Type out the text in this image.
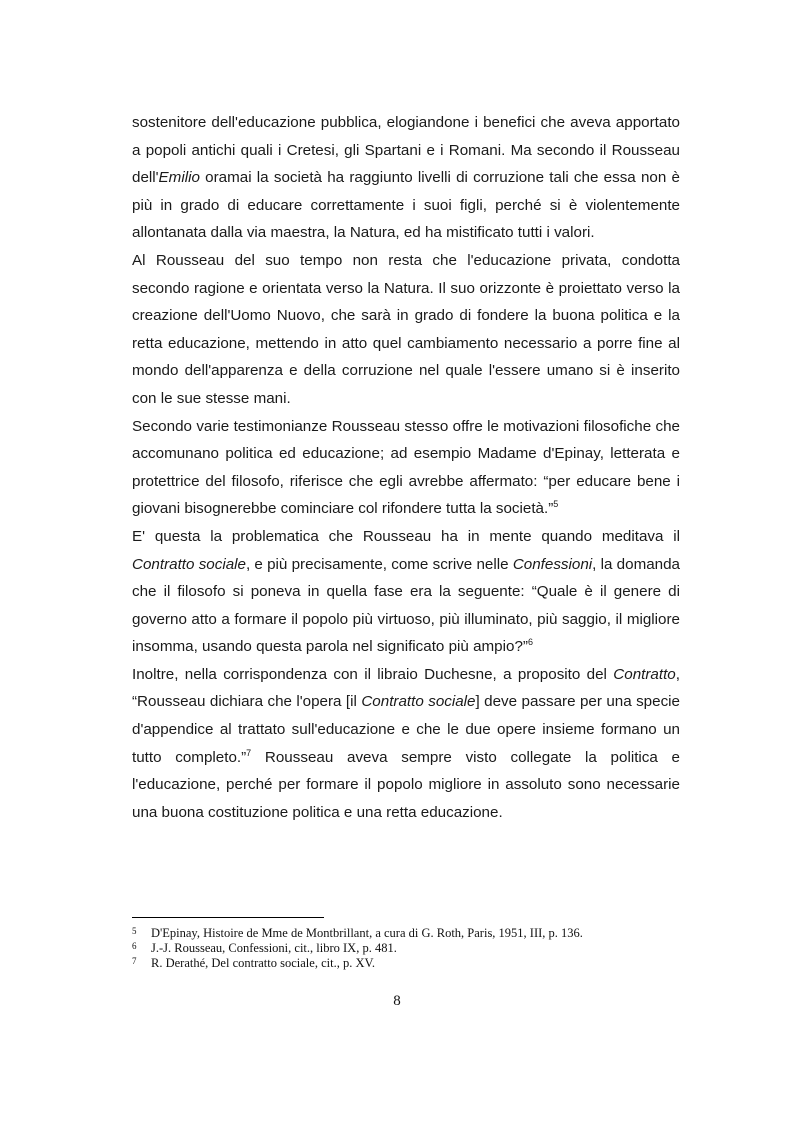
sostenitore dell'educazione pubblica, elogiandone i benefici che aveva apportato a popoli antichi quali i Cretesi, gli Spartani e i Romani. Ma secondo il Rousseau dell'Emilio oramai la società ha raggiunto livelli di corruzione tali che essa non è più in grado di educare correttamente i suoi figli, perché si è violentemente allontanata dalla via maestra, la Natura, ed ha mistificato tutti i valori.

Al Rousseau del suo tempo non resta che l'educazione privata, condotta secondo ragione e orientata verso la Natura. Il suo orizzonte è proiettato verso la creazione dell'Uomo Nuovo, che sarà in grado di fondere la buona politica e la retta educazione, mettendo in atto quel cambiamento necessario a porre fine al mondo dell'apparenza e della corruzione nel quale l'essere umano si è inserito con le sue stesse mani.

Secondo varie testimonianze Rousseau stesso offre le motivazioni filosofiche che accomunano politica ed educazione; ad esempio Madame d'Epinay, letterata e protettrice del filosofo, riferisce che egli avrebbe affermato: “per educare bene i giovani bisognerebbe cominciare col rifondere tutta la società.”$^5$

E' questa la problematica che Rousseau ha in mente quando meditava il Contratto sociale, e più precisamente, come scrive nelle Confessioni, la domanda che il filosofo si poneva in quella fase era la seguente: “Quale è il genere di governo atto a formare il popolo più virtuoso, più illuminato, più saggio, il migliore insomma, usando questa parola nel significato più ampio?”$^6$

Inoltre, nella corrispondenza con il libraio Duchesne, a proposito del Contratto, “Rousseau dichiara che l'opera [il Contratto sociale] deve passare per una specie d'appendice al trattato sull'educazione e che le due opere insieme formano un tutto completo.”$^7$ Rousseau aveva sempre visto collegate la politica e l'educazione, perché per formare il popolo migliore in assoluto sono necessarie una buona costituzione politica e una retta educazione.

5	D'Epinay, Histoire de Mme de Montbrillant, a cura di G. Roth, Paris, 1951, III, p. 136.
6	J.-J. Rousseau, Confessioni, cit., libro IX, p. 481.
7	R. Derathé, Del contratto sociale, cit., p. XV.
8
